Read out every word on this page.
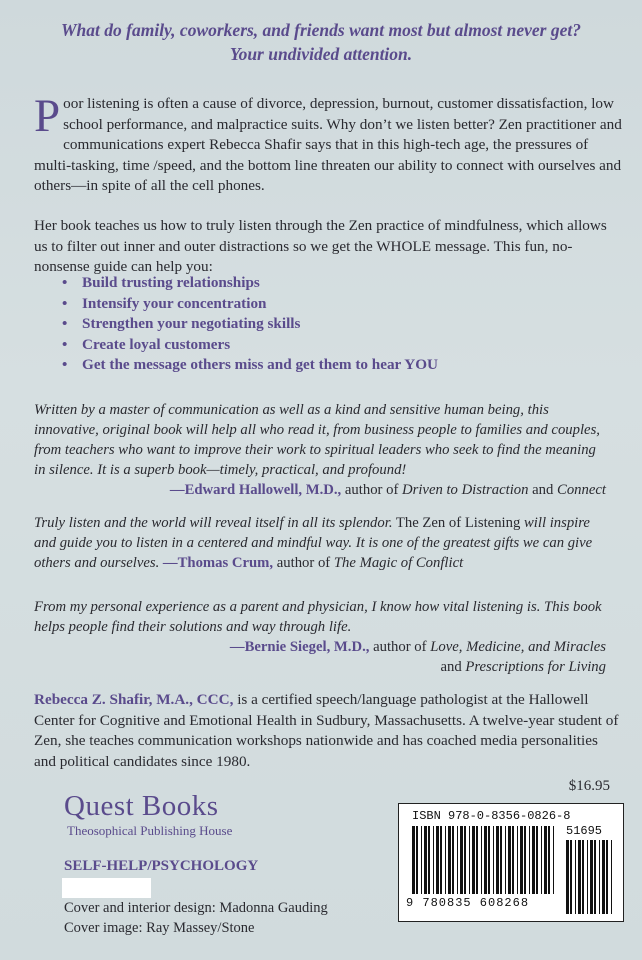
What do family, coworkers, and friends want most but almost never get?
Your undivided attention.
Poor listening is often a cause of divorce, depression, burnout, customer dissatisfaction, low school performance, and malpractice suits. Why don’t we listen better? Zen practitioner and communications expert Rebecca Shafir says that in this high-tech age, the pressures of multi-tasking, time /speed, and the bottom line threaten our ability to connect with ourselves and others—in spite of all the cell phones.
Her book teaches us how to truly listen through the Zen practice of mindfulness, which allows us to filter out inner and outer distractions so we get the WHOLE message. This fun, no-nonsense guide can help you:
• Build trusting relationships
• Intensify your concentration
• Strengthen your negotiating skills
• Create loyal customers
• Get the message others miss and get them to hear YOU
Written by a master of communication as well as a kind and sensitive human being, this innovative, original book will help all who read it, from business people to families and couples, from teachers who want to improve their work to spiritual leaders who seek to find the meaning in silence. It is a superb book—timely, practical, and profound!
—Edward Hallowell, M.D., author of Driven to Distraction and Connect
Truly listen and the world will reveal itself in all its splendor. The Zen of Listening will inspire and guide you to listen in a centered and mindful way. It is one of the greatest gifts we can give others and ourselves. —Thomas Crum, author of The Magic of Conflict
From my personal experience as a parent and physician, I know how vital listening is. This book helps people find their solutions and way through life.
—Bernie Siegel, M.D., author of Love, Medicine, and Miracles
and Prescriptions for Living
Rebecca Z. Shafir, M.A., CCC, is a certified speech/language pathologist at the Hallowell Center for Cognitive and Emotional Health in Sudbury, Massachusetts. A twelve-year student of Zen, she teaches communication workshops nationwide and has coached media personalities and political candidates since 1980.
$16.95
Quest Books
Theosophical Publishing House
SELF-HELP/PSYCHOLOGY
Cover and interior design: Madonna Gauding
Cover image: Ray Massey/Stone
ISBN 978-0-8356-0826-8
51695
9 780835 608268
